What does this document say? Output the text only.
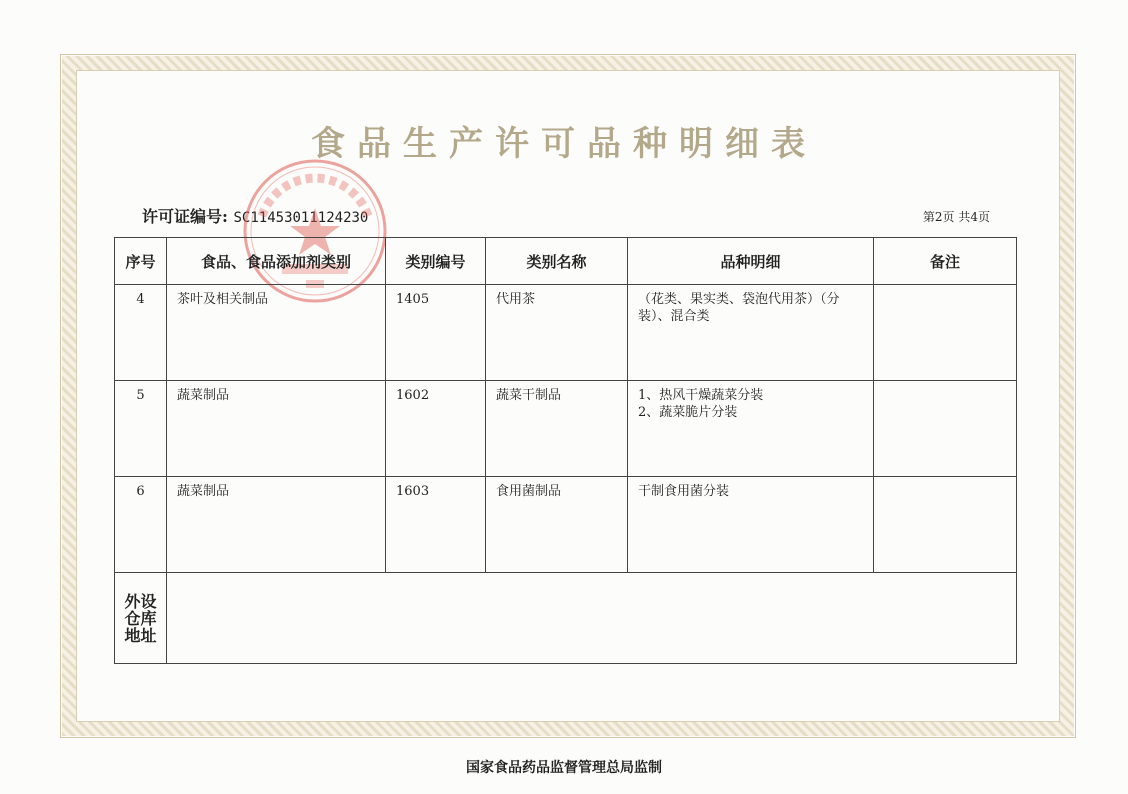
食品生产许可品种明细表
许可证编号: SC11453011124230	第2页 共4页
序号	食品、食品添加剂类别	类别编号	类别名称	品种明细	备注
4	茶叶及相关制品	1405	代用茶	（花类、果实类、袋泡代用茶）（分装）、混合类	
5	蔬菜制品	1602	蔬菜干制品	1、热风干燥蔬菜分装
2、蔬菜脆片分装	
6	蔬菜制品	1603	食用菌制品	干制食用菌分装	
外设仓库地址					
国家食品药品监督管理总局监制
